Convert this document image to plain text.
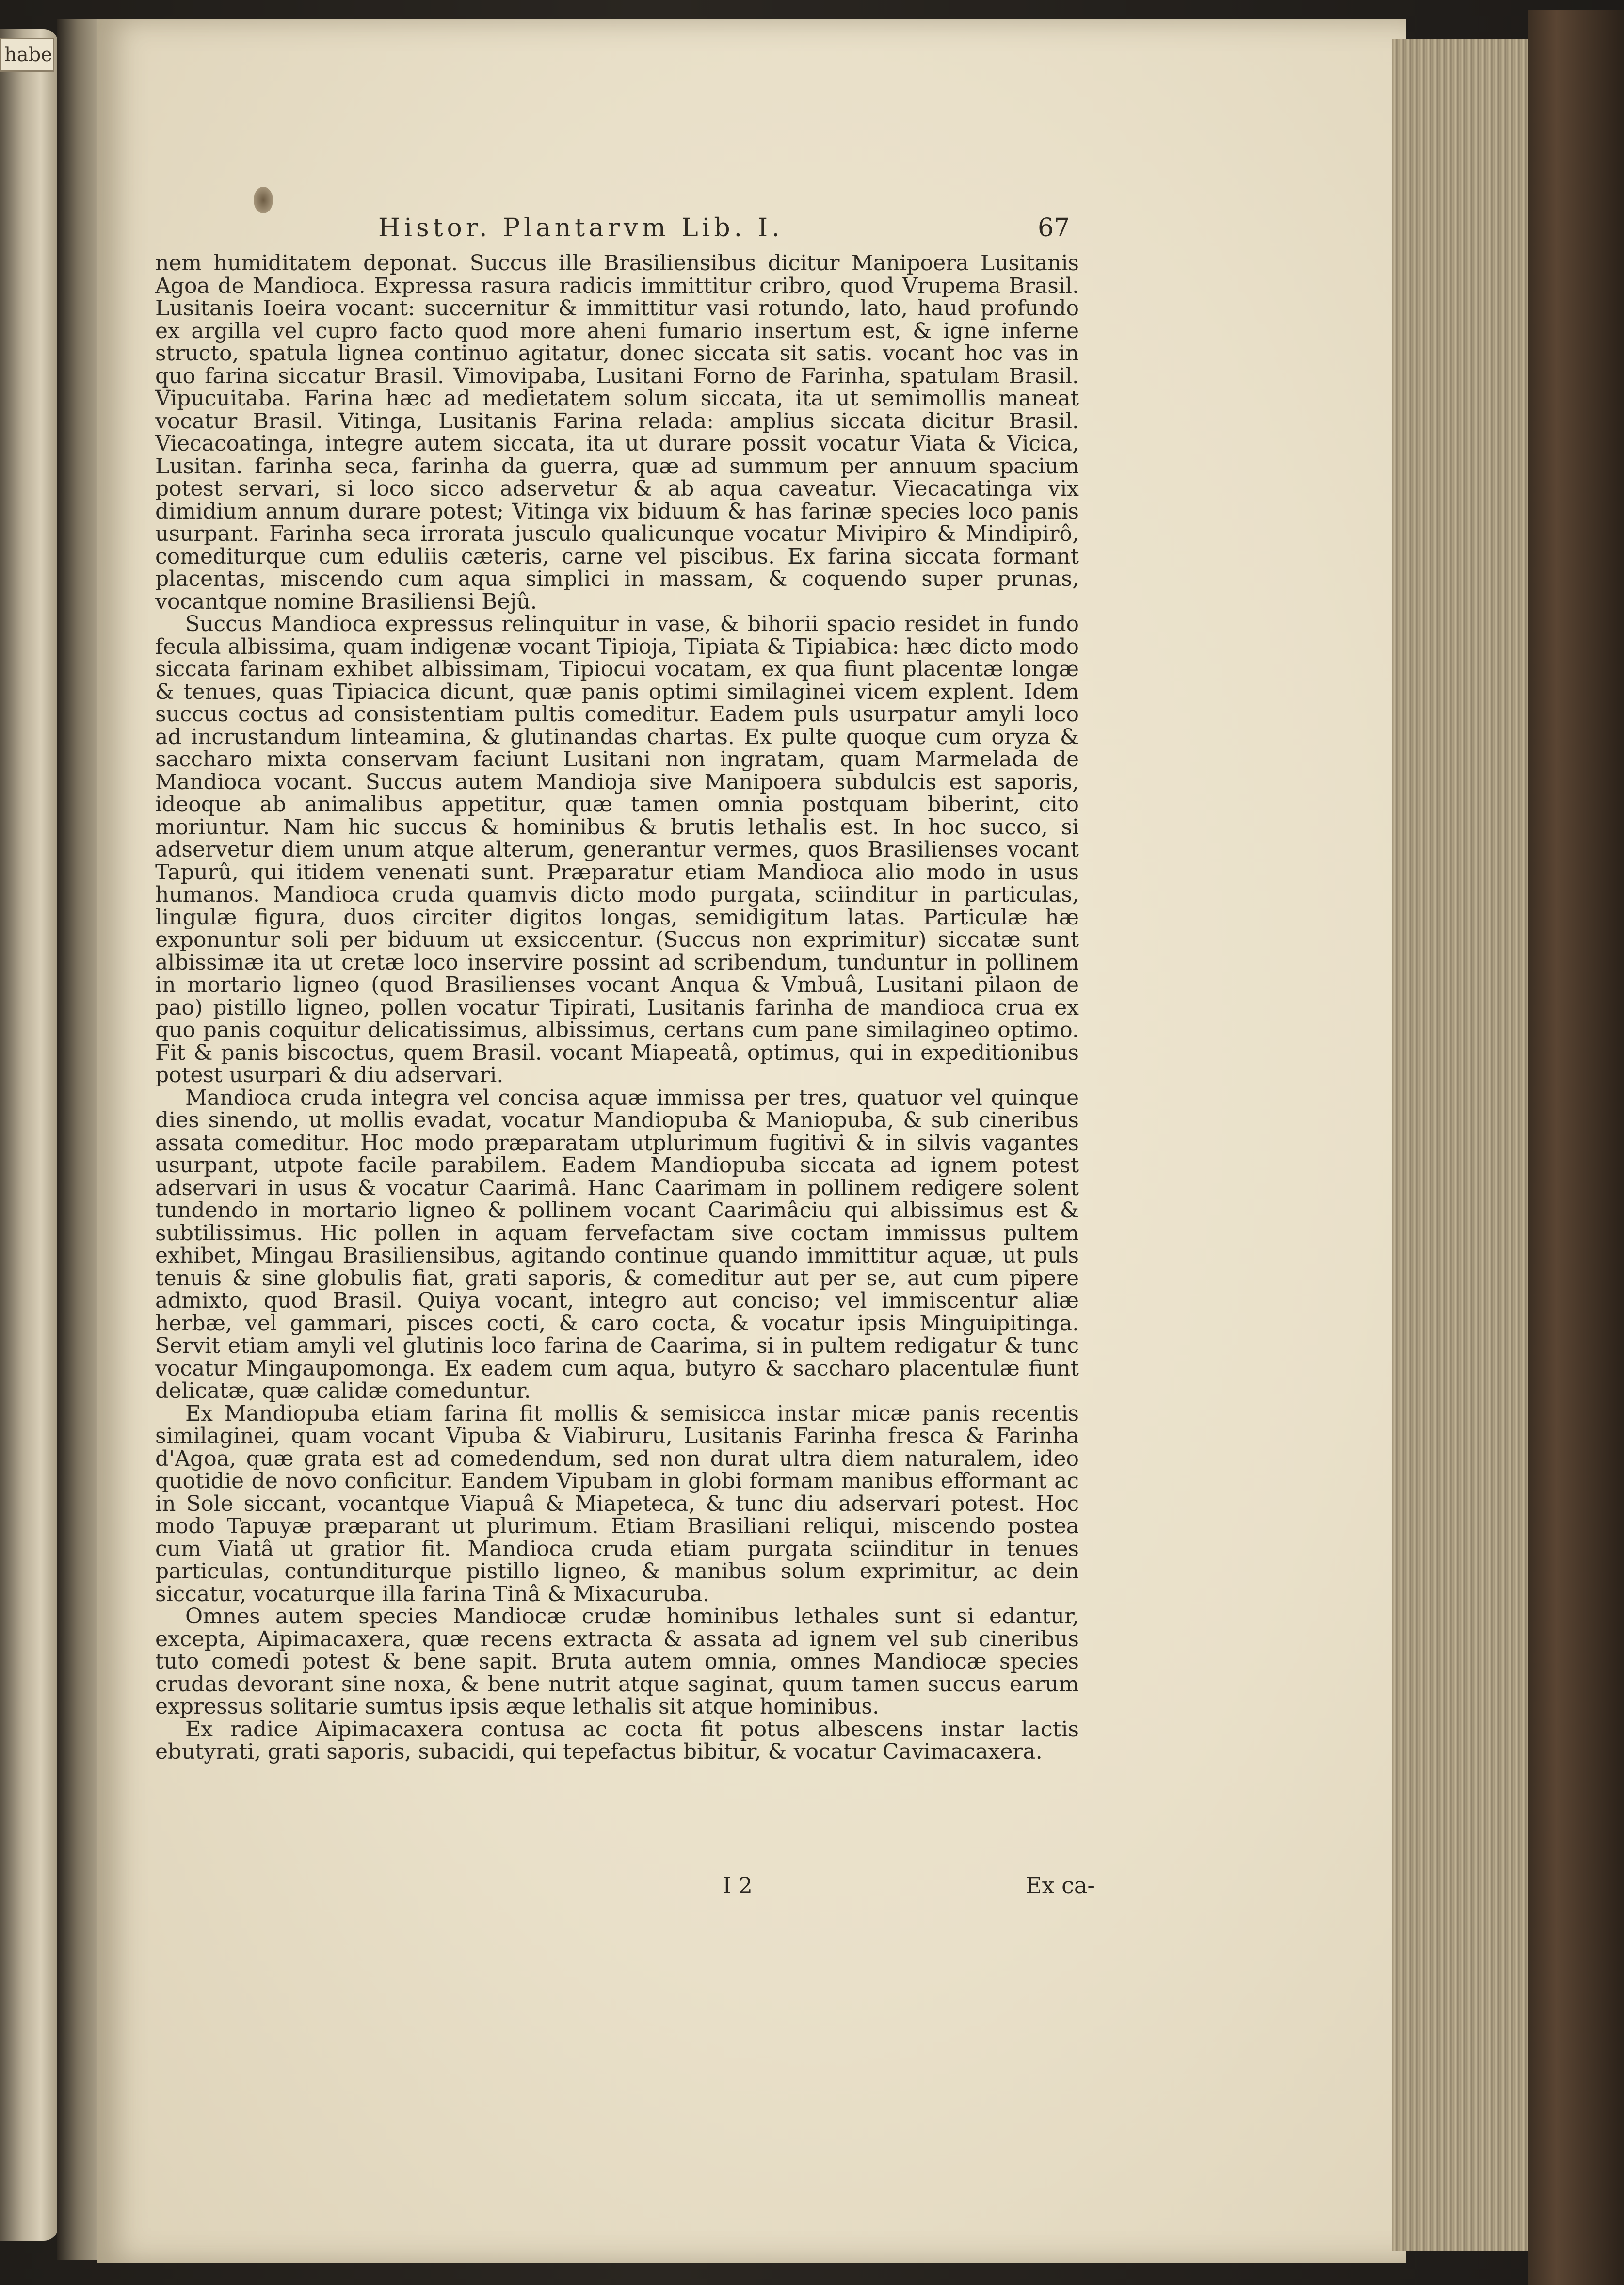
habe
Histor. Plantarvm Lib. I.	67

nem humiditatem deponat. Succus ille Brasiliensibus dicitur Manipoera Lusitanis Agoa de Mandioca. Expressa rasura radicis immittitur cribro, quod Vrupema Brasil. Lusitanis Ioeira vocant: succernitur & immittitur vasi rotundo, lato, haud profundo ex argilla vel cupro facto quod more aheni fumario insertum est, & igne inferne structo, spatula lignea continuo agitatur, donec siccata sit satis. vocant hoc vas in quo farina siccatur Brasil. Vimovipaba, Lusitani Forno de Farinha, spatulam Brasil. Vipucuitaba. Farina hæc ad medietatem solum siccata, ita ut semimollis maneat vocatur Brasil. Vitinga, Lusitanis Farina relada: amplius siccata dicitur Brasil. Viecacoatinga, integre autem siccata, ita ut durare possit vocatur Viata & Vicica, Lusitan. farinha seca, farinha da guerra, quæ ad summum per annuum spacium potest servari, si loco sicco adservetur & ab aqua caveatur. Viecacatinga vix dimidium annum durare potest; Vitinga vix biduum & has farinæ species loco panis usurpant. Farinha seca irrorata jusculo qualicunque vocatur Mivipiro & Mindipirô, comediturque cum eduliis cæteris, carne vel piscibus. Ex farina siccata formant placentas, miscendo cum aqua simplici in massam, & coquendo super prunas, vocantque nomine Brasiliensi Bejû.

Succus Mandioca expressus relinquitur in vase, & bihorii spacio residet in fundo fecula albissima, quam indigenæ vocant Tipioja, Tipiata & Tipiabica: hæc dicto modo siccata farinam exhibet albissimam, Tipiocui vocatam, ex qua fiunt placentæ longæ & tenues, quas Tipiacica dicunt, quæ panis optimi similaginei vicem explent. Idem succus coctus ad consistentiam pultis comeditur. Eadem puls usurpatur amyli loco ad incrustandum linteamina, & glutinandas chartas. Ex pulte quoque cum oryza & saccharo mixta conservam faciunt Lusitani non ingratam, quam Marmelada de Mandioca vocant. Succus autem Mandioja sive Manipoera subdulcis est saporis, ideoque ab animalibus appetitur, quæ tamen omnia postquam biberint, cito moriuntur. Nam hic succus & hominibus & brutis lethalis est. In hoc succo, si adservetur diem unum atque alterum, generantur vermes, quos Brasilienses vocant Tapurû, qui itidem venenati sunt. Præparatur etiam Mandioca alio modo in usus humanos. Mandioca cruda quamvis dicto modo purgata, sciinditur in particulas, lingulæ figura, duos circiter digitos longas, semidigitum latas. Particulæ hæ exponuntur soli per biduum ut exsiccentur. (Succus non exprimitur) siccatæ sunt albissimæ ita ut cretæ loco inservire possint ad scribendum, tunduntur in pollinem in mortario ligneo (quod Brasilienses vocant Anqua & Vmbuâ, Lusitani pilaon de pao) pistillo ligneo, pollen vocatur Tipirati, Lusitanis farinha de mandioca crua ex quo panis coquitur delicatissimus, albissimus, certans cum pane similagineo optimo. Fit & panis biscoctus, quem Brasil. vocant Miapeatâ, optimus, qui in expeditionibus potest usurpari & diu adservari.

Mandioca cruda integra vel concisa aquæ immissa per tres, quatuor vel quinque dies sinendo, ut mollis evadat, vocatur Mandiopuba & Maniopuba, & sub cineribus assata comeditur. Hoc modo præparatam utplurimum fugitivi & in silvis vagantes usurpant, utpote facile parabilem. Eadem Mandiopuba siccata ad ignem potest adservari in usus & vocatur Caarimâ. Hanc Caarimam in pollinem redigere solent tundendo in mortario ligneo & pollinem vocant Caarimâciu qui albissimus est & subtilissimus. Hic pollen in aquam fervefactam sive coctam immissus pultem exhibet, Mingau Brasiliensibus, agitando continue quando immittitur aquæ, ut puls tenuis & sine globulis fiat, grati saporis, & comeditur aut per se, aut cum pipere admixto, quod Brasil. Quiya vocant, integro aut conciso; vel immiscentur aliæ herbæ, vel gammari, pisces cocti, & caro cocta, & vocatur ipsis Minguipitinga. Servit etiam amyli vel glutinis loco farina de Caarima, si in pultem redigatur & tunc vocatur Mingaupomonga. Ex eadem cum aqua, butyro & saccharo placentulæ fiunt delicatæ, quæ calidæ comeduntur.

Ex Mandiopuba etiam farina fit mollis & semisicca instar micæ panis recentis similaginei, quam vocant Vipuba & Viabiruru, Lusitanis Farinha fresca & Farinha d'Agoa, quæ grata est ad comedendum, sed non durat ultra diem naturalem, ideo quotidie de novo conficitur. Eandem Vipubam in globi formam manibus efformant ac in Sole siccant, vocantque Viapuâ & Miapeteca, & tunc diu adservari potest. Hoc modo Tapuyæ præparant ut plurimum. Etiam Brasiliani reliqui, miscendo postea cum Viatâ ut gratior fit. Mandioca cruda etiam purgata sciinditur in tenues particulas, contunditurque pistillo ligneo, & manibus solum exprimitur, ac dein siccatur, vocaturque illa farina Tinâ & Mixacuruba.

Omnes autem species Mandiocæ crudæ hominibus lethales sunt si edantur, excepta, Aipimacaxera, quæ recens extracta & assata ad ignem vel sub cineribus tuto comedi potest & bene sapit. Bruta autem omnia, omnes Mandiocæ species crudas devorant sine noxa, & bene nutrit atque saginat, quum tamen succus earum expressus solitarie sumtus ipsis æque lethalis sit atque hominibus.

Ex radice Aipimacaxera contusa ac cocta fit potus albescens instar lactis ebutyrati, grati saporis, subacidi, qui tepefactus bibitur, & vocatur Cavimacaxera.

I 2	Ex ca-
